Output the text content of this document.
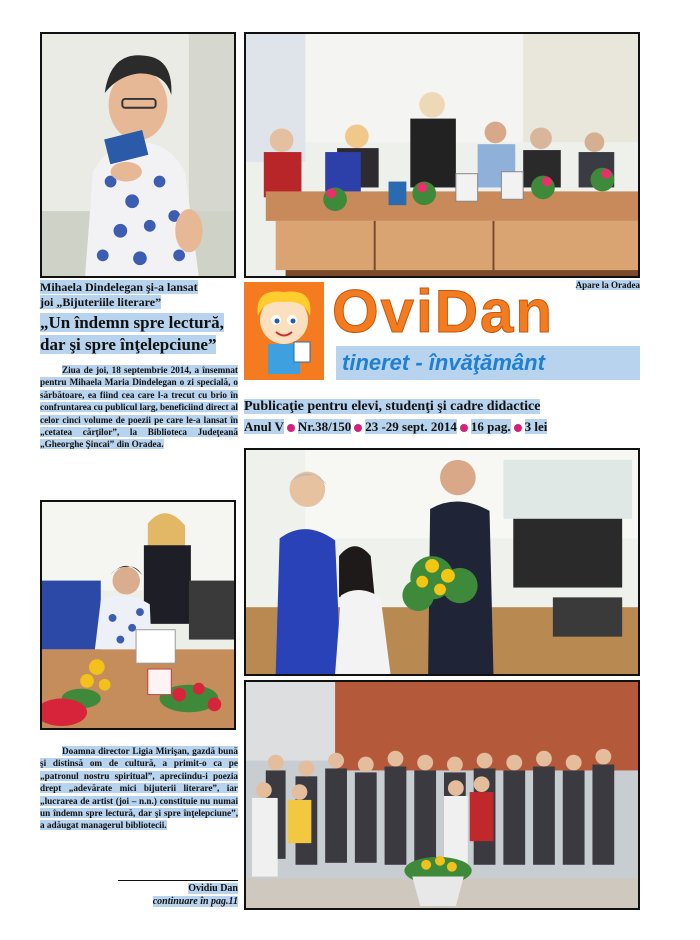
Mihaela Dindelegan şi-a lansat
joi „Bijuteriile literare”
„Un îndemn spre lectură, dar şi spre înţelepciune”
Ziua de joi, 18 septembrie 2014, a însemnat pentru Mihaela Maria Dindelegan o zi specială, o sărbătoare, ea fiind cea care l-a trecut cu brio în confruntarea cu publicul larg, beneficiind direct al celor cinci volume de poezii pe care le-a lansat în „cetatea cărţilor”, la Biblioteca Judeţeană „Gheorghe Şincai” din Oradea.
Doamna director Ligia Mirişan, gazdă bună şi distinsă om de cultură, a primit-o ca pe „patronul nostru spiritual”, apreciindu-i poezia drept „adevărate mici bijuterii literare”, iar „lucrarea de artist (joi – n.n.) constituie nu numai un îndemn spre lectură, dar şi spre înţelepciune”, a adăugat managerul bibliotecii.
Ovidiu Dan
continuare în pag.11
Apare la Oradea
OviDan
tineret - învăţământ
Publicaţie pentru elevi, studenţi şi cadre didactice
Anul V Nr.38/150 23 -29 sept. 2014 16 pag. 3 lei
